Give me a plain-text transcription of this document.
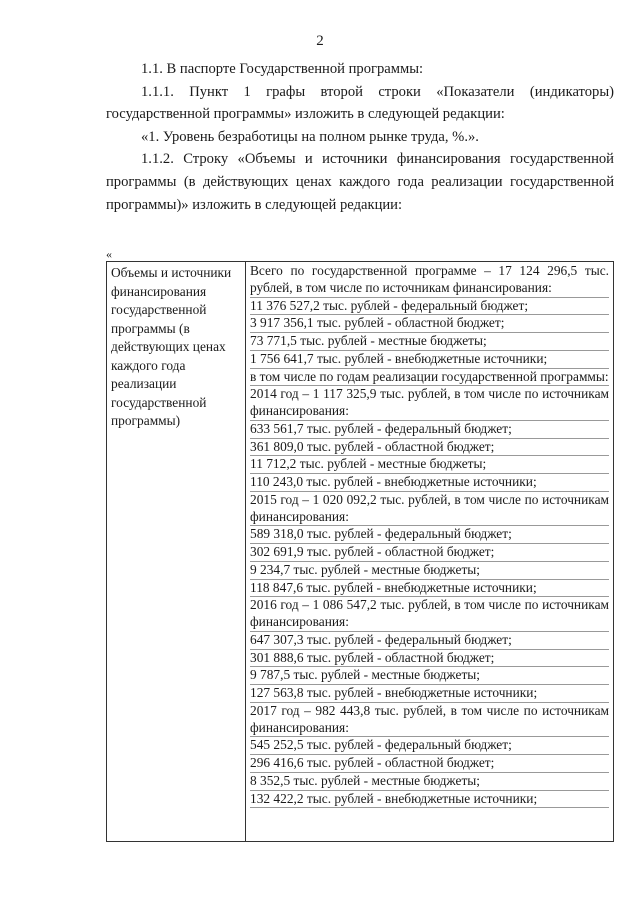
2

1.1. В паспорте Государственной программы:

1.1.1. Пункт 1 графы второй строки «Показатели (индикаторы) государственной программы» изложить в следующей редакции:

«1. Уровень безработицы на полном рынке труда, %.».

1.1.2. Строку «Объемы и источники финансирования государственной программы (в действующих ценах каждого года реализации государственной программы)» изложить в следующей редакции:

«
Объемы и источники финансирования государственной программы (в действующих ценах каждого года реализации государственной программы)
Всего по государственной программе – 17 124 296,5 тыс. рублей, в том числе по источникам финансирования:
11 376 527,2 тыс. рублей - федеральный бюджет;
3 917 356,1 тыс. рублей - областной бюджет;
73 771,5 тыс. рублей - местные бюджеты;
1 756 641,7 тыс. рублей - внебюджетные источники;
в том числе по годам реализации государственной программы:
2014 год – 1 117 325,9 тыс. рублей, в том числе по источникам финансирования:
633 561,7 тыс. рублей - федеральный бюджет;
361 809,0 тыс. рублей - областной бюджет;
11 712,2 тыс. рублей - местные бюджеты;
110 243,0 тыс. рублей - внебюджетные источники;
2015 год – 1 020 092,2 тыс. рублей, в том числе по источникам финансирования:
589 318,0 тыс. рублей - федеральный бюджет;
302 691,9 тыс. рублей - областной бюджет;
9 234,7 тыс. рублей - местные бюджеты;
118 847,6 тыс. рублей - внебюджетные источники;
2016 год – 1 086 547,2 тыс. рублей, в том числе по источникам финансирования:
647 307,3 тыс. рублей - федеральный бюджет;
301 888,6 тыс. рублей - областной бюджет;
9 787,5 тыс. рублей - местные бюджеты;
127 563,8 тыс. рублей - внебюджетные источники;
2017 год – 982 443,8 тыс. рублей, в том числе по источникам финансирования:
545 252,5 тыс. рублей - федеральный бюджет;
296 416,6 тыс. рублей - областной бюджет;
8 352,5 тыс. рублей - местные бюджеты;
132 422,2 тыс. рублей - внебюджетные источники;
